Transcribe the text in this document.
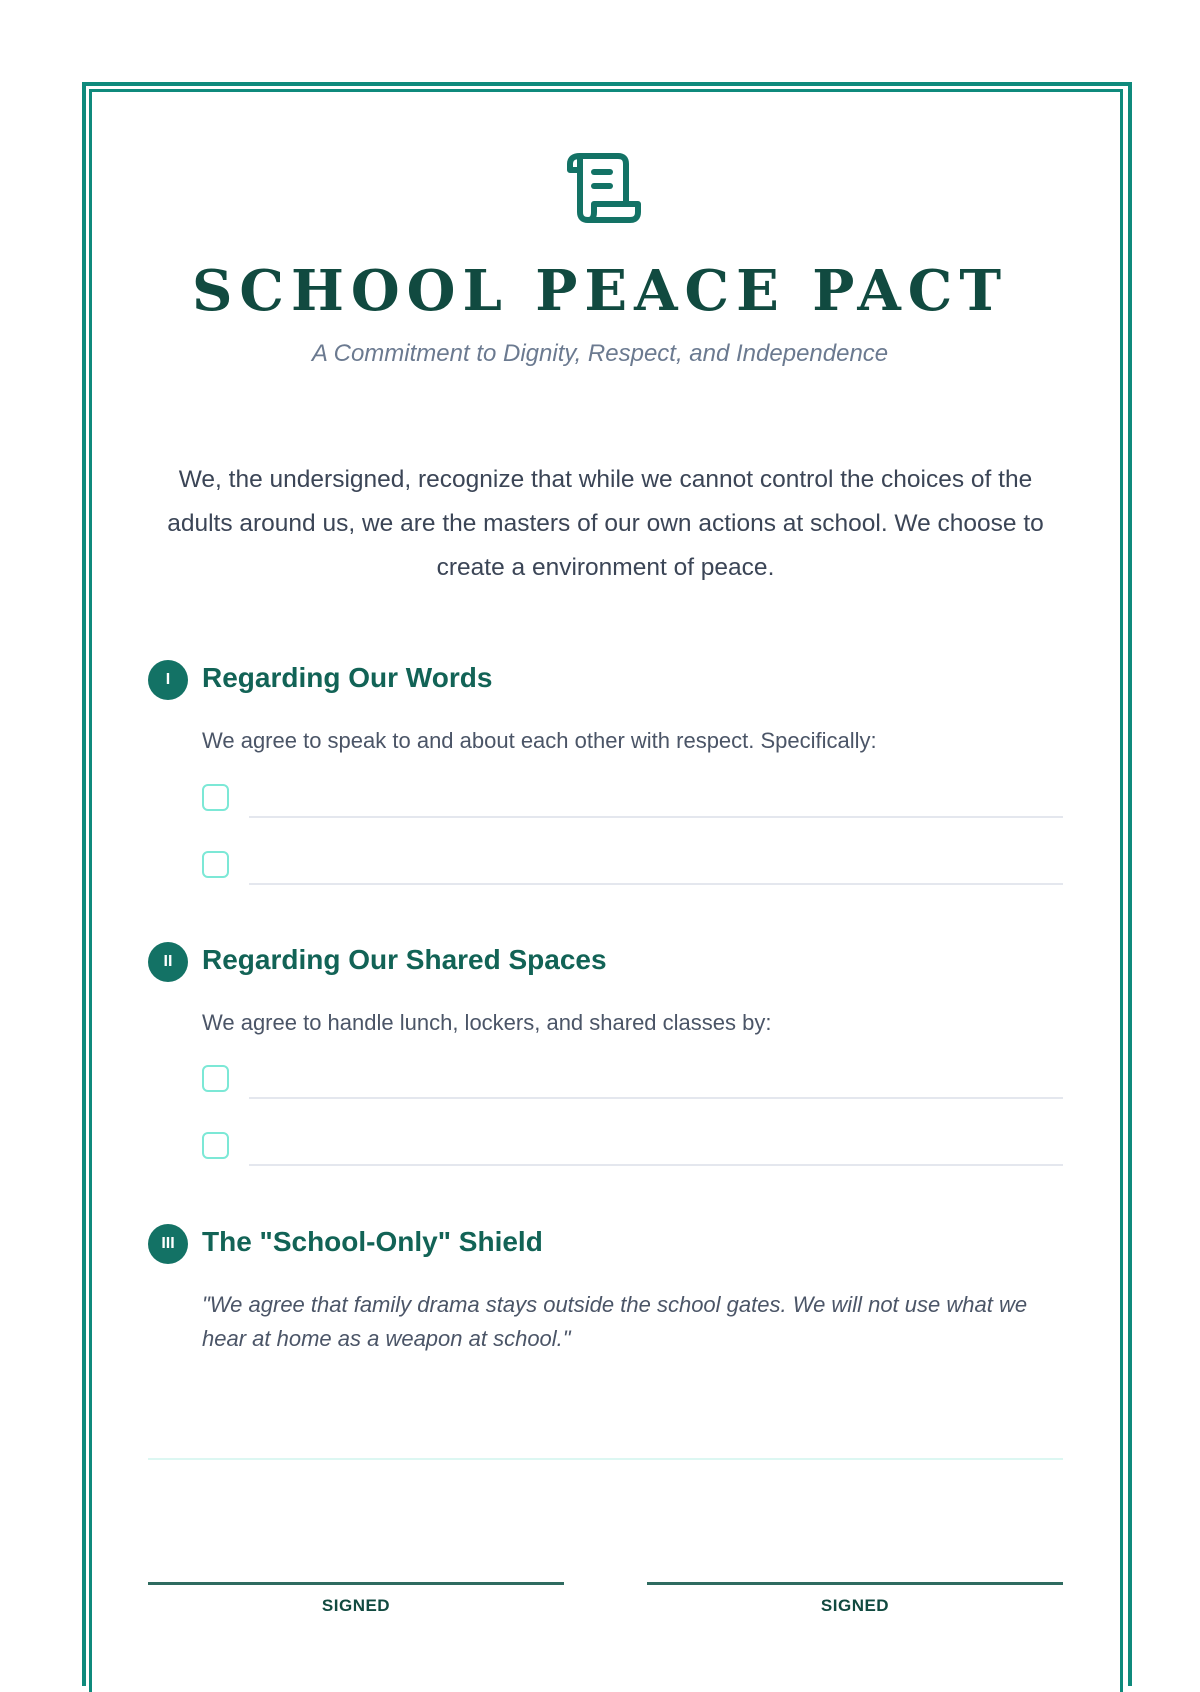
SCHOOL PEACE PACT
A Commitment to Dignity, Respect, and Independence
We, the undersigned, recognize that while we cannot control the choices of the adults around us, we are the masters of our own actions at school. We choose to create a environment of peace.
I	Regarding Our Words
We agree to speak to and about each other with respect. Specifically:
II	Regarding Our Shared Spaces
We agree to handle lunch, lockers, and shared classes by:
III The "School-Only" Shield
"We agree that family drama stays outside the school gates. We will not use what we hear at home as a weapon at school."
SIGNED	SIGNED
